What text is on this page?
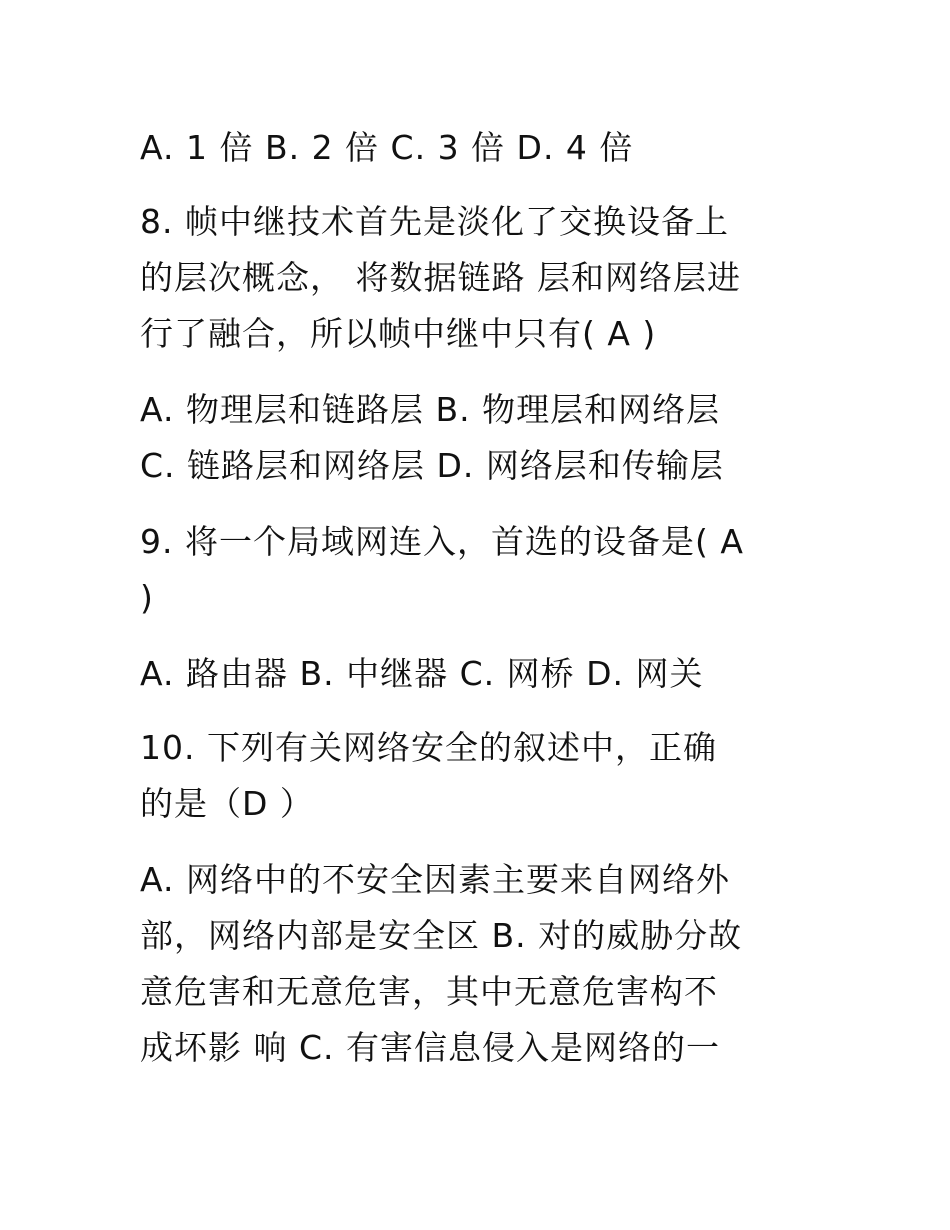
A. 1 倍 B. 2 倍 C. 3 倍 D. 4 倍
8. 帧中继技术首先是淡化了交换设备上
的层次概念， 将数据链路 层和网络层进
行了融合，所以帧中继中只有( A )
A. 物理层和链路层 B. 物理层和网络层
C. 链路层和网络层 D. 网络层和传输层
9. 将一个局域网连入，首选的设备是( A
)
A. 路由器 B. 中继器 C. 网桥 D. 网关
10. 下列有关网络安全的叙述中，正确
的是（D ）
A. 网络中的不安全因素主要来自网络外
部，网络内部是安全区 B. 对的威胁分故
意危害和无意危害，其中无意危害构不
成坏影 响 C. 有害信息侵入是网络的一
